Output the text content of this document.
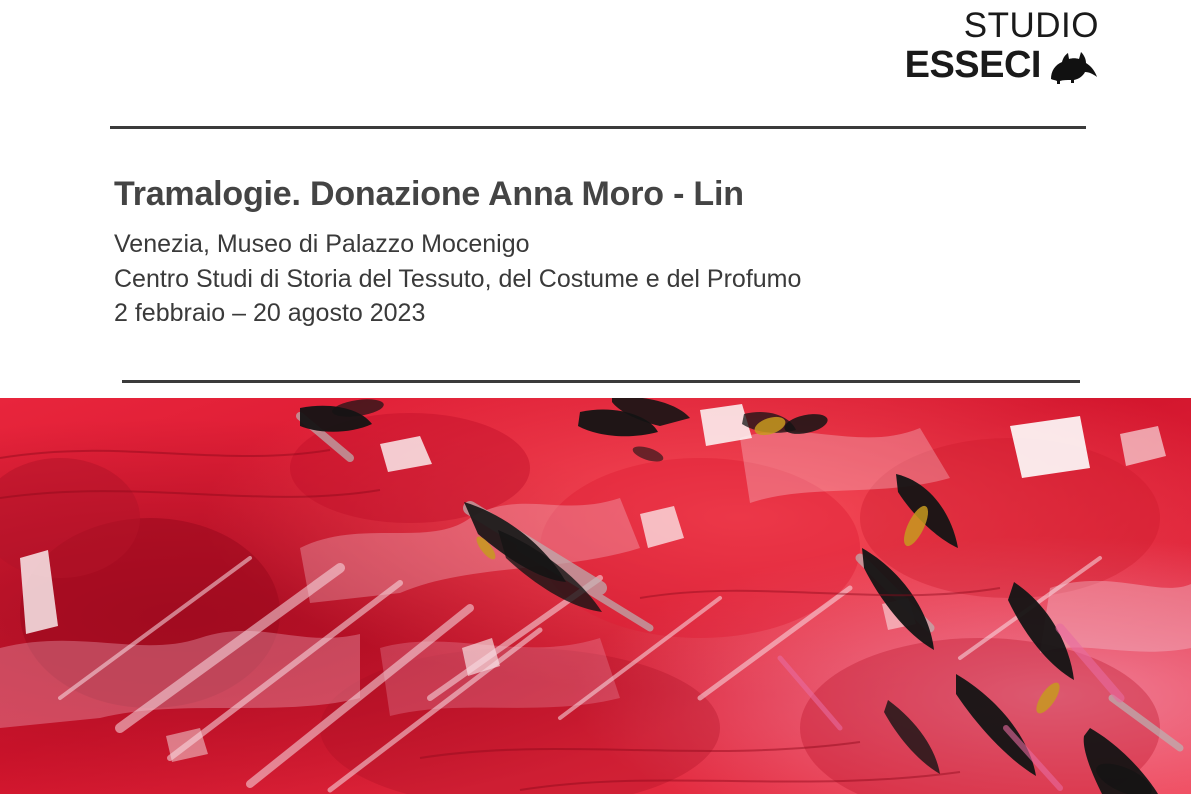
STUDIO
ESSECI
Tramalogie. Donazione Anna Moro - Lin

Venezia, Museo di Palazzo Mocenigo

Centro Studi di Storia del Tessuto, del Costume e del Profumo

2 febbraio – 20 agosto 2023
